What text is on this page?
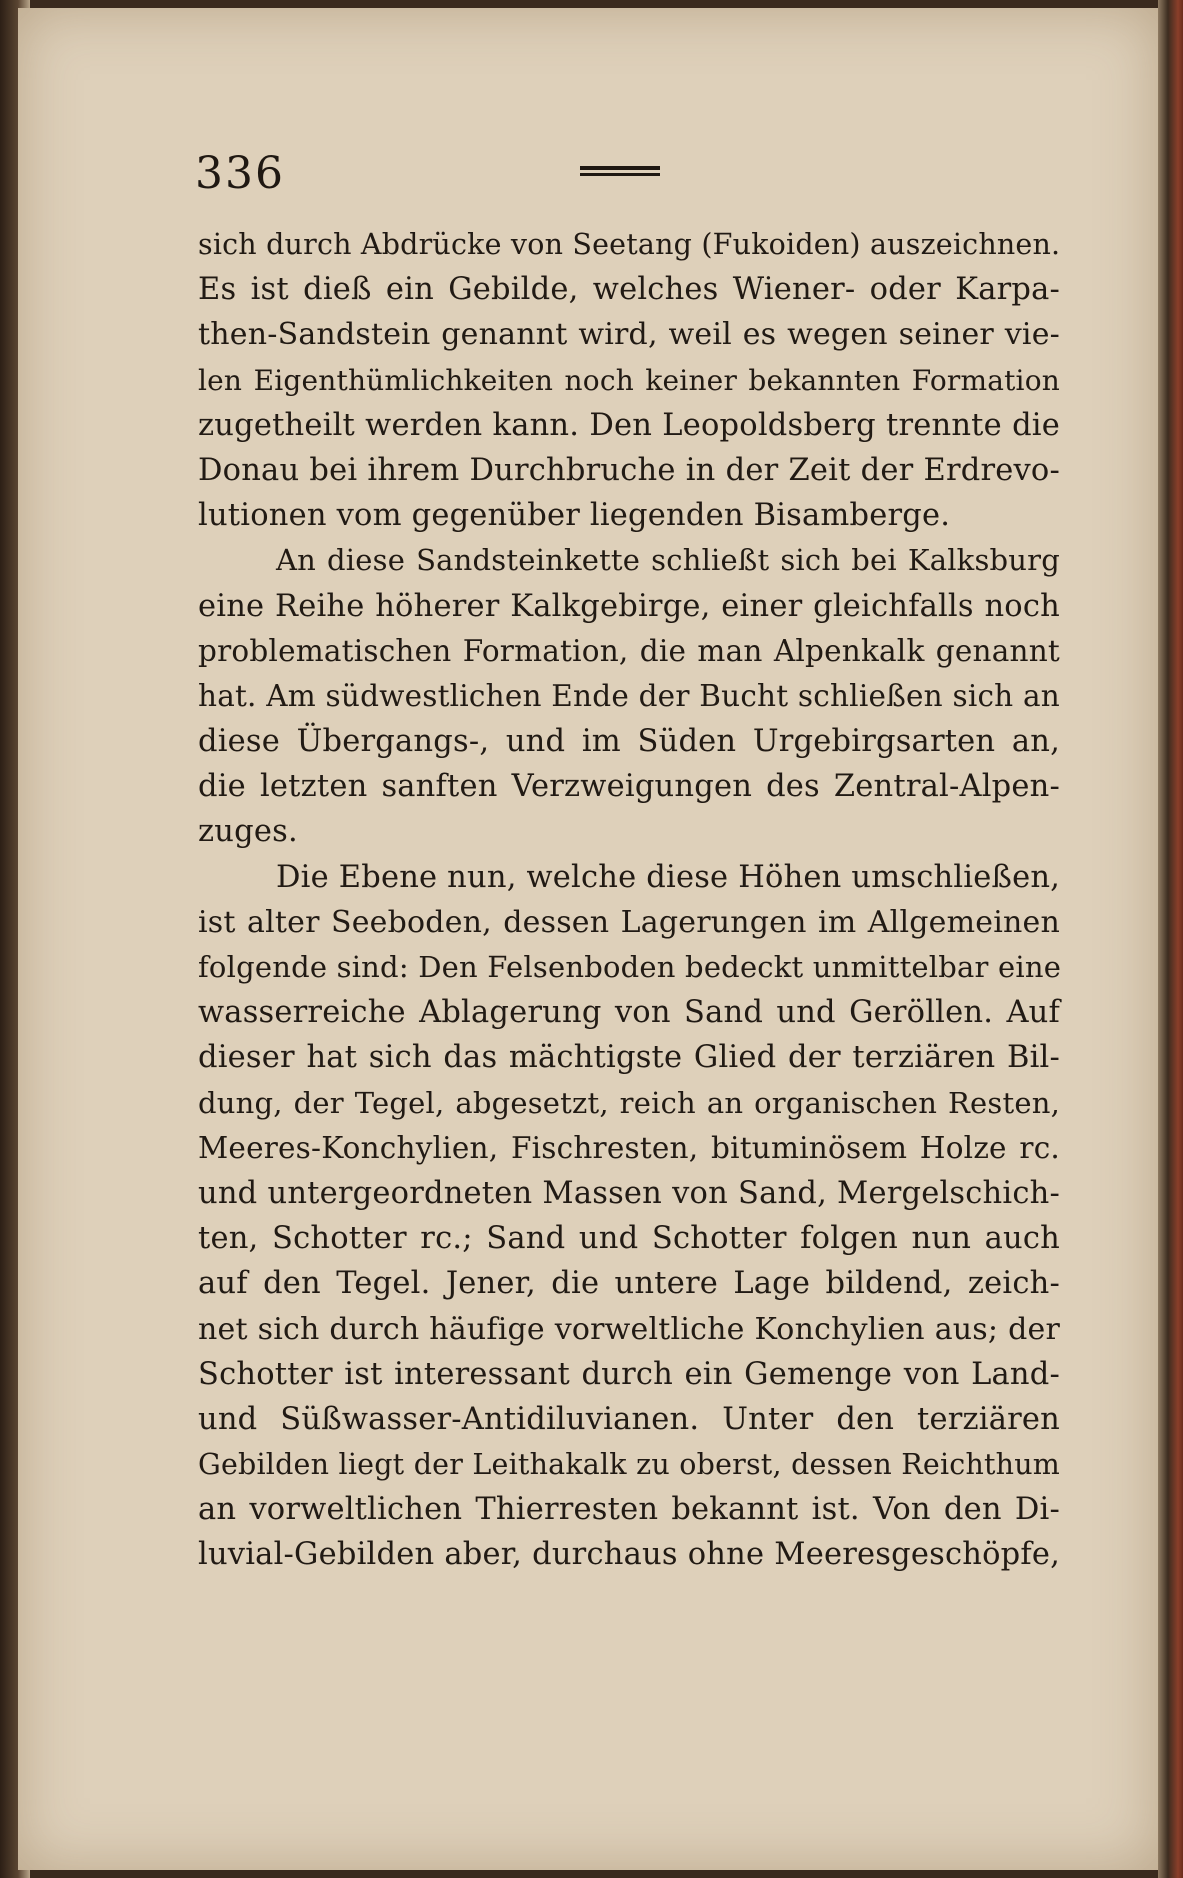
336
sich durch Abdrücke von Seetang (Fukoiden) auszeichnen.
Es ist dieß ein Gebilde, welches Wiener- oder Karpa-
then-Sandstein genannt wird, weil es wegen seiner vie-
len Eigenthümlichkeiten noch keiner bekannten Formation
zugetheilt werden kann. Den Leopoldsberg trennte die
Donau bei ihrem Durchbruche in der Zeit der Erdrevo-
lutionen vom gegenüber liegenden Bisamberge.
An diese Sandsteinkette schließt sich bei Kalksburg
eine Reihe höherer Kalkgebirge, einer gleichfalls noch
problematischen Formation, die man Alpenkalk genannt
hat. Am südwestlichen Ende der Bucht schließen sich an
diese Übergangs-, und im Süden Urgebirgsarten an,
die letzten sanften Verzweigungen des Zentral-Alpen-
zuges.
Die Ebene nun, welche diese Höhen umschließen,
ist alter Seeboden, dessen Lagerungen im Allgemeinen
folgende sind: Den Felsenboden bedeckt unmittelbar eine
wasserreiche Ablagerung von Sand und Geröllen. Auf
dieser hat sich das mächtigste Glied der terziären Bil-
dung, der Tegel, abgesetzt, reich an organischen Resten,
Meeres-Konchylien, Fischresten, bituminösem Holze rc.
und untergeordneten Massen von Sand, Mergelschich-
ten, Schotter rc.; Sand und Schotter folgen nun auch
auf den Tegel. Jener, die untere Lage bildend, zeich-
net sich durch häufige vorweltliche Konchylien aus; der
Schotter ist interessant durch ein Gemenge von Land-
und Süßwasser-Antidiluvianen. Unter den terziären
Gebilden liegt der Leithakalk zu oberst, dessen Reichthum
an vorweltlichen Thierresten bekannt ist. Von den Di-
luvial-Gebilden aber, durchaus ohne Meeresgeschöpfe,
